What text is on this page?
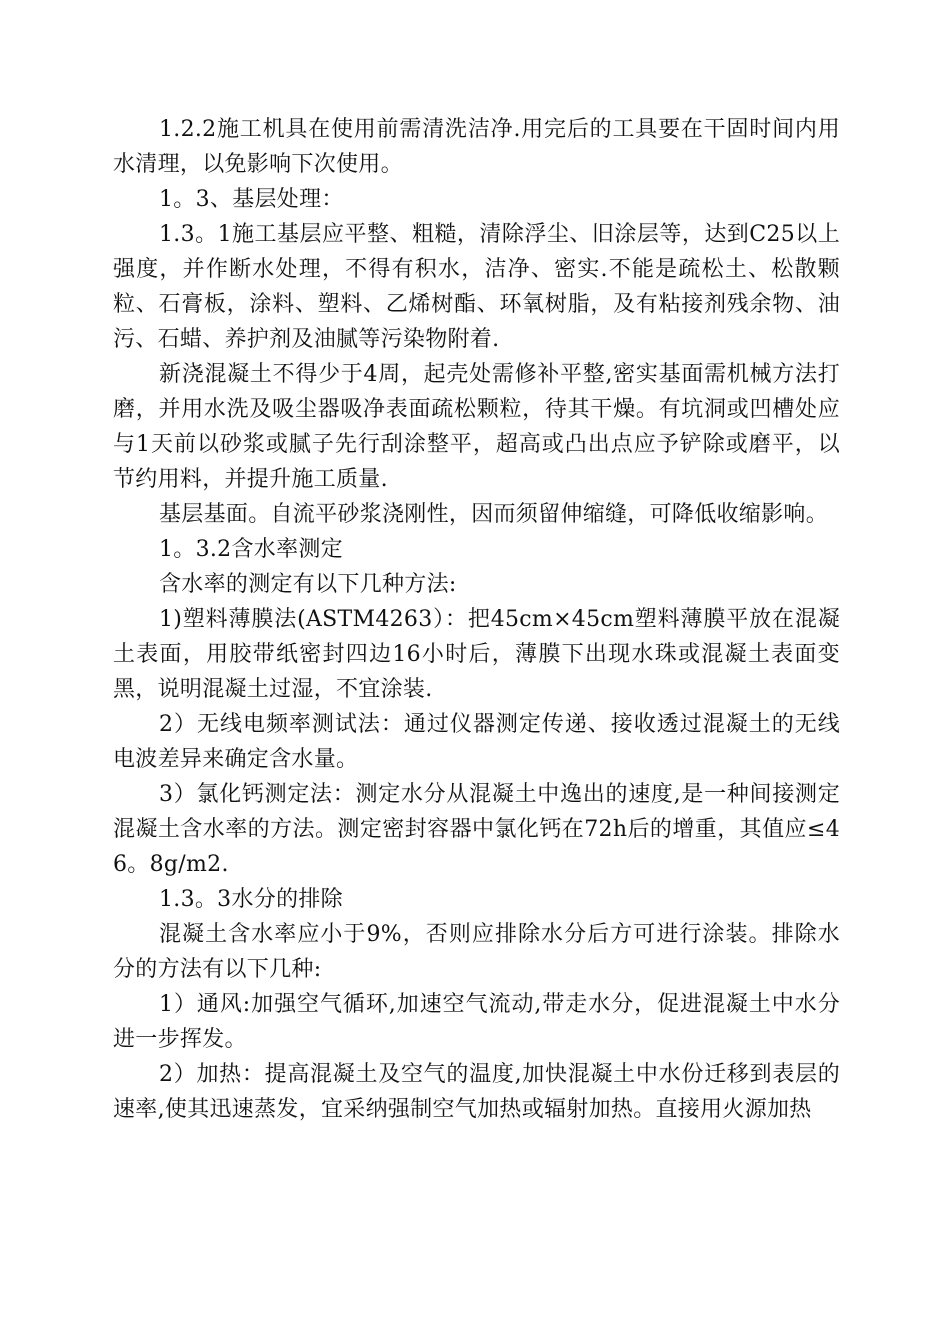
1.2.2施工机具在使用前需清洗洁净.用完后的工具要在干固时间内用水清理，以免影响下次使用。

1。3、基层处理：

1.3。1施工基层应平整、粗糙，清除浮尘、旧涂层等，达到C25以上强度，并作断水处理，不得有积水，洁净、密实.不能是疏松土、松散颗粒、石膏板，涂料、塑料、乙烯树酯、环氧树脂，及有粘接剂残余物、油污、石蜡、养护剂及油腻等污染物附着.

新浇混凝土不得少于4周，起壳处需修补平整,密实基面需机械方法打磨，并用水洗及吸尘器吸净表面疏松颗粒，待其干燥。有坑洞或凹槽处应与1天前以砂浆或腻子先行刮涂整平，超高或凸出点应予铲除或磨平，以节约用料，并提升施工质量.

基层基面。自流平砂浆浇刚性，因而须留伸缩缝，可降低收缩影响。

1。3.2含水率测定

含水率的测定有以下几种方法:

1)塑料薄膜法(ASTM4263）：把45cm×45cm塑料薄膜平放在混凝土表面，用胶带纸密封四边16小时后，薄膜下出现水珠或混凝土表面变黑，说明混凝土过湿，不宜涂装.

2）无线电频率测试法：通过仪器测定传递、接收透过混凝土的无线电波差异来确定含水量。

3）氯化钙测定法：测定水分从混凝土中逸出的速度,是一种间接测定混凝土含水率的方法。测定密封容器中氯化钙在72h后的增重，其值应≤46。8g/m2.

1.3。3水分的排除

混凝土含水率应小于9%，否则应排除水分后方可进行涂装。排除水分的方法有以下几种:

1）通风:加强空气循环,加速空气流动,带走水分，促进混凝土中水分进一步挥发。

2）加热：提高混凝土及空气的温度,加快混凝土中水份迁移到表层的速率,使其迅速蒸发，宜采纳强制空气加热或辐射加热。直接用火源加热
